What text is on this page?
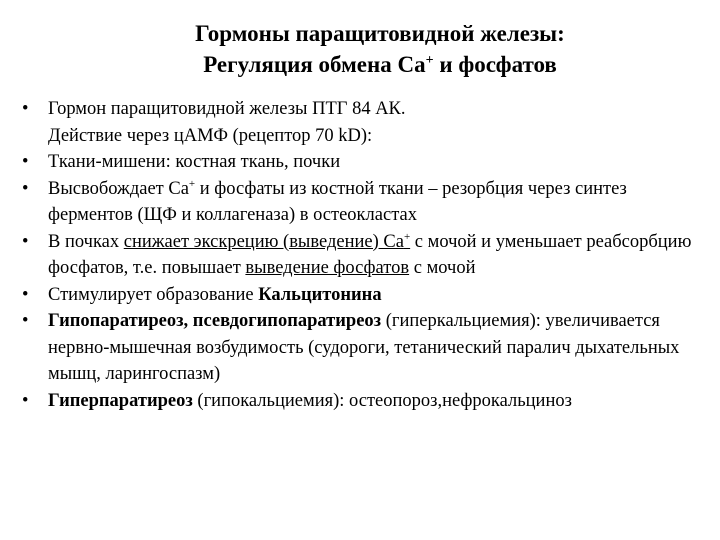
Гормоны паращитовидной железы:
Регуляция обмена Ca+ и фосфатов
•	Гормон паращитовидной железы ПТГ 84 АК.
Действие через цАМФ (рецептор 70 kD):
•	Ткани-мишени: костная ткань, почки
•	Высвобождает Ca+ и фосфаты из костной ткани – резорбция через синтез ферментов (ЩФ и коллагеназа) в остеокластах
•	В почках снижает экскрецию (выведение) Ca+ с мочой и уменьшает реабсорбцию фосфатов, т.е. повышает выведение фосфатов с мочой
•	Стимулирует образование Кальцитонина
•	Гипопаратиреоз, псевдогипопаратиреоз (гиперкальциемия): увеличивается нервно-мышечная возбудимость (судороги, тетанический паралич дыхательных мышц, ларингоспазм)
•	Гиперпаратиреоз (гипокальциемия): остеопороз,нефрокальциноз
